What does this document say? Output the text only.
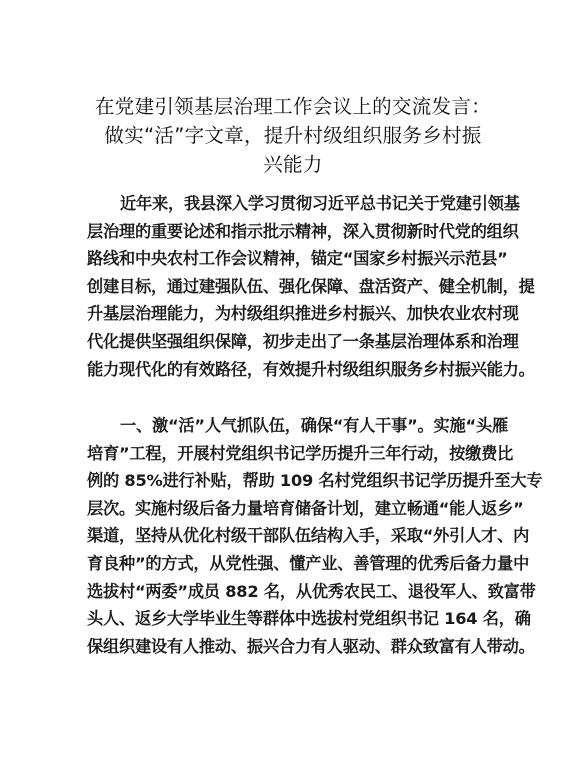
在党建引领基层治理工作会议上的交流发言：
做实“活”字文章，提升村级组织服务乡村振
兴能力

近年来，我县深入学习贯彻习近平总书记关于党建引领基
层治理的重要论述和指示批示精神，深入贯彻新时代党的组织
路线和中央农村工作会议精神，锚定“国家乡村振兴示范县”
创建目标，通过建强队伍、强化保障、盘活资产、健全机制，提
升基层治理能力，为村级组织推进乡村振兴、加快农业农村现
代化提供坚强组织保障，初步走出了一条基层治理体系和治理
能力现代化的有效路径，有效提升村级组织服务乡村振兴能力。

一、激“活”人气抓队伍，确保“有人干事”。实施“头雁
培育”工程，开展村党组织书记学历提升三年行动，按缴费比
例的 85%进行补贴，帮助 109 名村党组织书记学历提升至大专
层次。实施村级后备力量培育储备计划，建立畅通“能人返乡”
渠道，坚持从优化村级干部队伍结构入手，采取“外引人才、内
育良种”的方式，从党性强、懂产业、善管理的优秀后备力量中
选拔村“两委”成员 882 名，从优秀农民工、退役军人、致富带
头人、返乡大学毕业生等群体中选拔村党组织书记 164 名，确
保组织建设有人推动、振兴合力有人驱动、群众致富有人带动。
